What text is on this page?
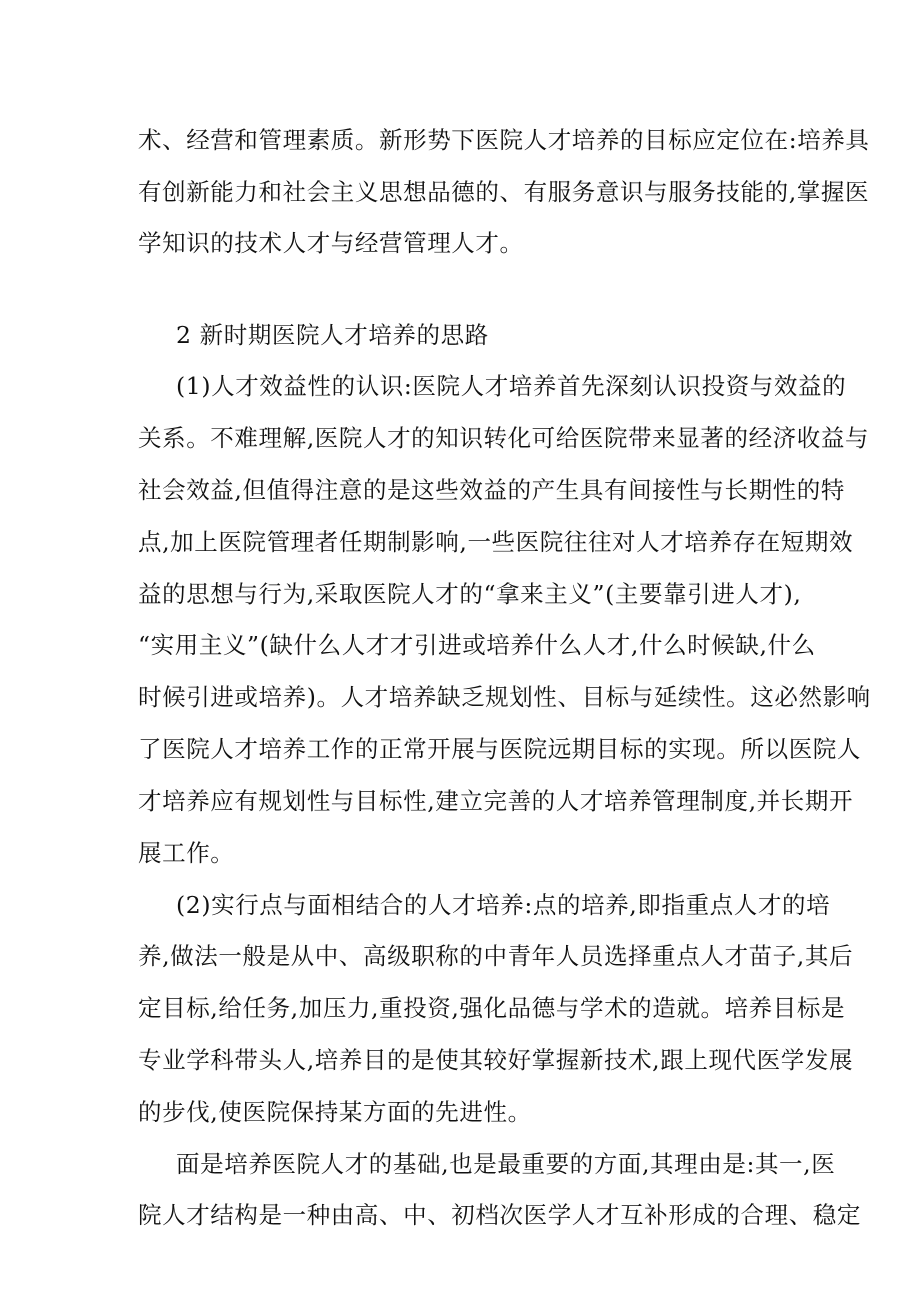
术、经营和管理素质。新形势下医院人才培养的目标应定位在:培养具
有创新能力和社会主义思想品德的、有服务意识与服务技能的,掌握医
学知识的技术人才与经营管理人才。
2 新时期医院人才培养的思路
(1)人才效益性的认识:医院人才培养首先深刻认识投资与效益的
关系。不难理解,医院人才的知识转化可给医院带来显著的经济收益与
社会效益,但值得注意的是这些效益的产生具有间接性与长期性的特
点,加上医院管理者任期制影响,一些医院往往对人才培养存在短期效
益的思想与行为,采取医院人才的“拿来主义”(主要靠引进人才),
“实用主义”(缺什么人才才引进或培养什么人才,什么时候缺,什么
时候引进或培养)。人才培养缺乏规划性、目标与延续性。这必然影响
了医院人才培养工作的正常开展与医院远期目标的实现。所以医院人
才培养应有规划性与目标性,建立完善的人才培养管理制度,并长期开
展工作。
(2)实行点与面相结合的人才培养:点的培养,即指重点人才的培
养,做法一般是从中、高级职称的中青年人员选择重点人才苗子,其后
定目标,给任务,加压力,重投资,强化品德与学术的造就。培养目标是
专业学科带头人,培养目的是使其较好掌握新技术,跟上现代医学发展
的步伐,使医院保持某方面的先进性。
面是培养医院人才的基础,也是最重要的方面,其理由是:其一,医
院人才结构是一种由高、中、初档次医学人才互补形成的合理、稳定
